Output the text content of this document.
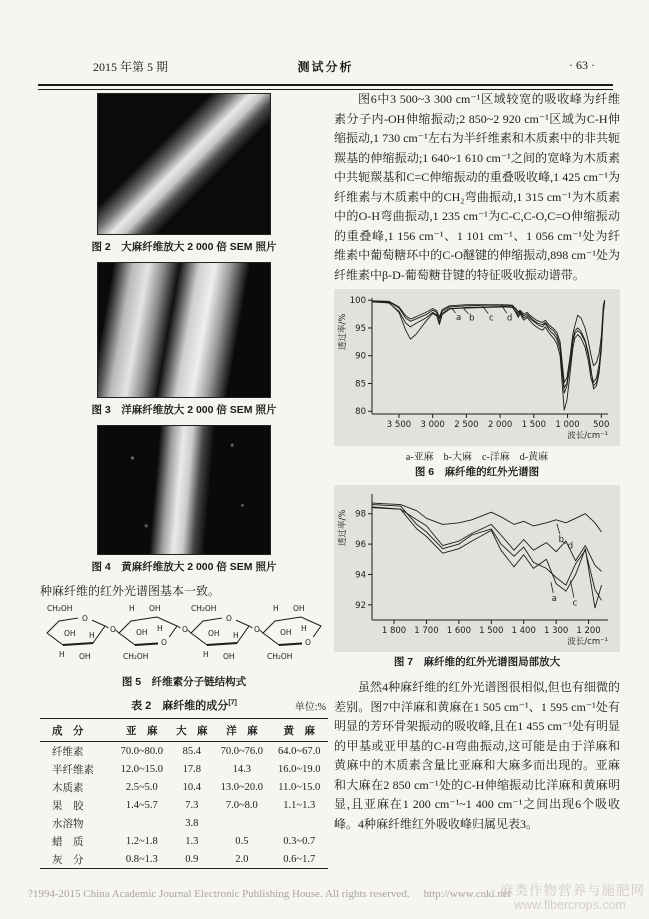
2015 年第 5 期	测试分析	· 63 ·
图 2　大麻纤维放大 2 000 倍 SEM 照片
图 3　洋麻纤维放大 2 000 倍 SEM 照片
图 4　黄麻纤维放大 2 000 倍 SEM 照片
种麻纤维的红外光谱图基本一致。
O
CH₂OH
H OH
OH H
O
H OH
O
CH₂OH
OH H	O
O
CH₂OH
H OH
OH H
O
H OH
O
CH₂OH
OH H
图 5　纤维素分子链结构式
表 2　麻纤维的成分[7]	单位:%
成　分	亚　麻	大　麻	洋　麻	黄　麻
纤维素	70.0~80.0	85.4	70.0~76.0	64.0~67.0
半纤维素	12.0~15.0	17.8	14.3	16.0~19.0
木质素	2.5~5.0	10.4	13.0~20.0	11.0~15.0
果　胶	1.4~5.7	7.3	7.0~8.0	1.1~1.3
水溶物		3.8		
蜡　质	1.2~1.8	1.3	0.5	0.3~0.7
灰　分	0.8~1.3	0.9	2.0	0.6~1.7

图6中3 500~3 300 cm⁻¹区域较宽的吸收峰为纤维素分子内-OH伸缩振动;2 850~2 920 cm⁻¹区域为C-H伸缩振动,1 730 cm⁻¹左右为半纤维素和木质素中的非共轭羰基的伸缩振动;1 640~1 610 cm⁻¹之间的宽峰为木质素中共轭羰基和C=C伸缩振动的重叠吸收峰,1 425 cm⁻¹为纤维素与木质素中的CH₂弯曲振动,1 315 cm⁻¹为木质素中的O-H弯曲振动,1 235 cm⁻¹为C-C,C-O,C=O伸缩振动的重叠峰,1 156 cm⁻¹、1 101 cm⁻¹、1 056 cm⁻¹处为纤维素中葡萄糖环中的C-O醚键的伸缩振动,898 cm⁻¹处为纤维素中β-D-葡萄糖苷键的特征吸收振动谱带。

100
95
90
85
80
3 500 3 000 2 500 2 000 1 500 1 000 500
透过率/%
波长/cm⁻¹
a b c d
a-亚麻　b-大麻　c-洋麻　d-黄麻
图 6　麻纤维的红外光谱图
98
96
94
92
1 800 1 700 1 600 1 500 1 400 1 300 1 200
透过率/%
波长/cm⁻¹
b
d
a c
图 7　麻纤维的红外光谱图局部放大

虽然4种麻纤维的红外光谱图很相似,但也有细微的差别。图7中洋麻和黄麻在1 505 cm⁻¹、1 595 cm⁻¹处有明显的芳环骨架振动的吸收峰,且在1 455 cm⁻¹处有明显的甲基或亚甲基的C-H弯曲振动,这可能是由于洋麻和黄麻中的木质素含量比亚麻和大麻多而出现的。亚麻和大麻在2 850 cm⁻¹处的C-H伸缩振动比洋麻和黄麻明显,且亚麻在1 200 cm⁻¹~1 400 cm⁻¹之间出现6个吸收峰。4种麻纤维红外吸收峰归属见表3。

?1994-2015 China Academic Journal Electronic Publishing House. All rights reserved. http://www.cnki.net
麻类作物营养与施肥网
www.fibercrops.com
